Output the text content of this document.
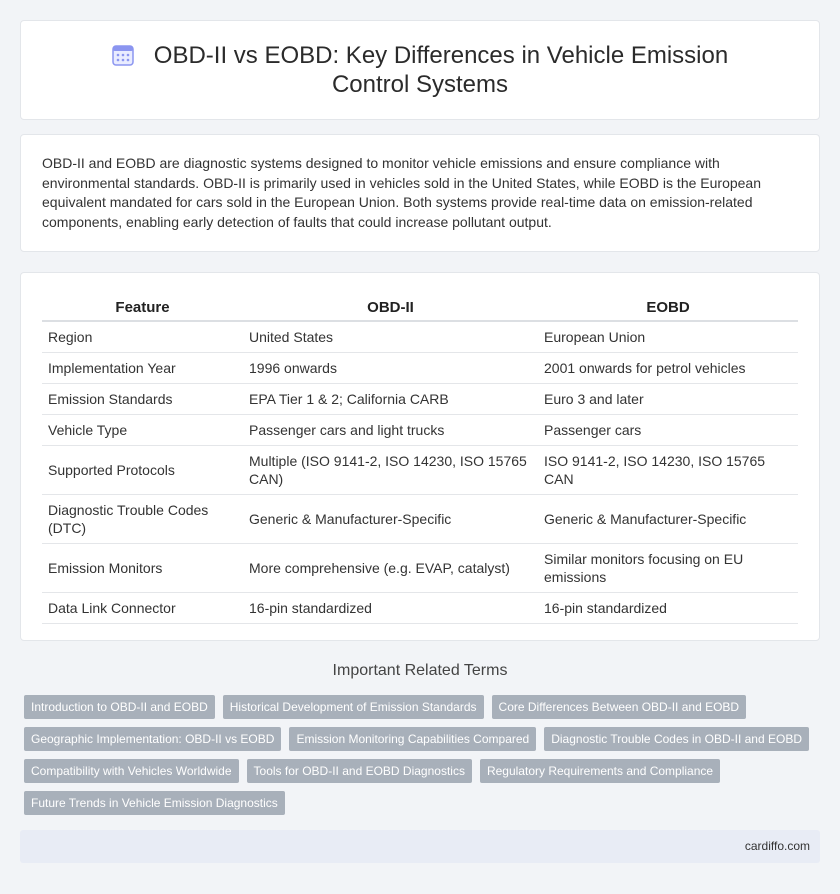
OBD-II vs EOBD: Key Differences in Vehicle Emission Control Systems

OBD-II and EOBD are diagnostic systems designed to monitor vehicle emissions and ensure compliance with environmental standards. OBD-II is primarily used in vehicles sold in the United States, while EOBD is the European equivalent mandated for cars sold in the European Union. Both systems provide real-time data on emission-related components, enabling early detection of faults that could increase pollutant output.

Feature	OBD-II	EOBD
Region	United States	European Union
Implementation Year	1996 onwards	2001 onwards for petrol vehicles
Emission Standards	EPA Tier 1 & 2; California CARB	Euro 3 and later
Vehicle Type	Passenger cars and light trucks	Passenger cars
Supported Protocols	Multiple (ISO 9141-2, ISO 14230, ISO 15765 CAN)	ISO 9141-2, ISO 14230, ISO 15765 CAN
Diagnostic Trouble Codes (DTC)	Generic & Manufacturer-Specific	Generic & Manufacturer-Specific
Emission Monitors	More comprehensive (e.g. EVAP, catalyst)	Similar monitors focusing on EU emissions
Data Link Connector	16-pin standardized	16-pin standardized
Important Related Terms
Introduction to OBD-II and EOBD	Historical Development of Emission Standards	Core Differences Between OBD-II and EOBD
Geographic Implementation: OBD-II vs EOBD	Emission Monitoring Capabilities Compared	Diagnostic Trouble Codes in OBD-II and EOBD
Compatibility with Vehicles Worldwide	Tools for OBD-II and EOBD Diagnostics	Regulatory Requirements and Compliance
Future Trends in Vehicle Emission Diagnostics
cardiffo.com
